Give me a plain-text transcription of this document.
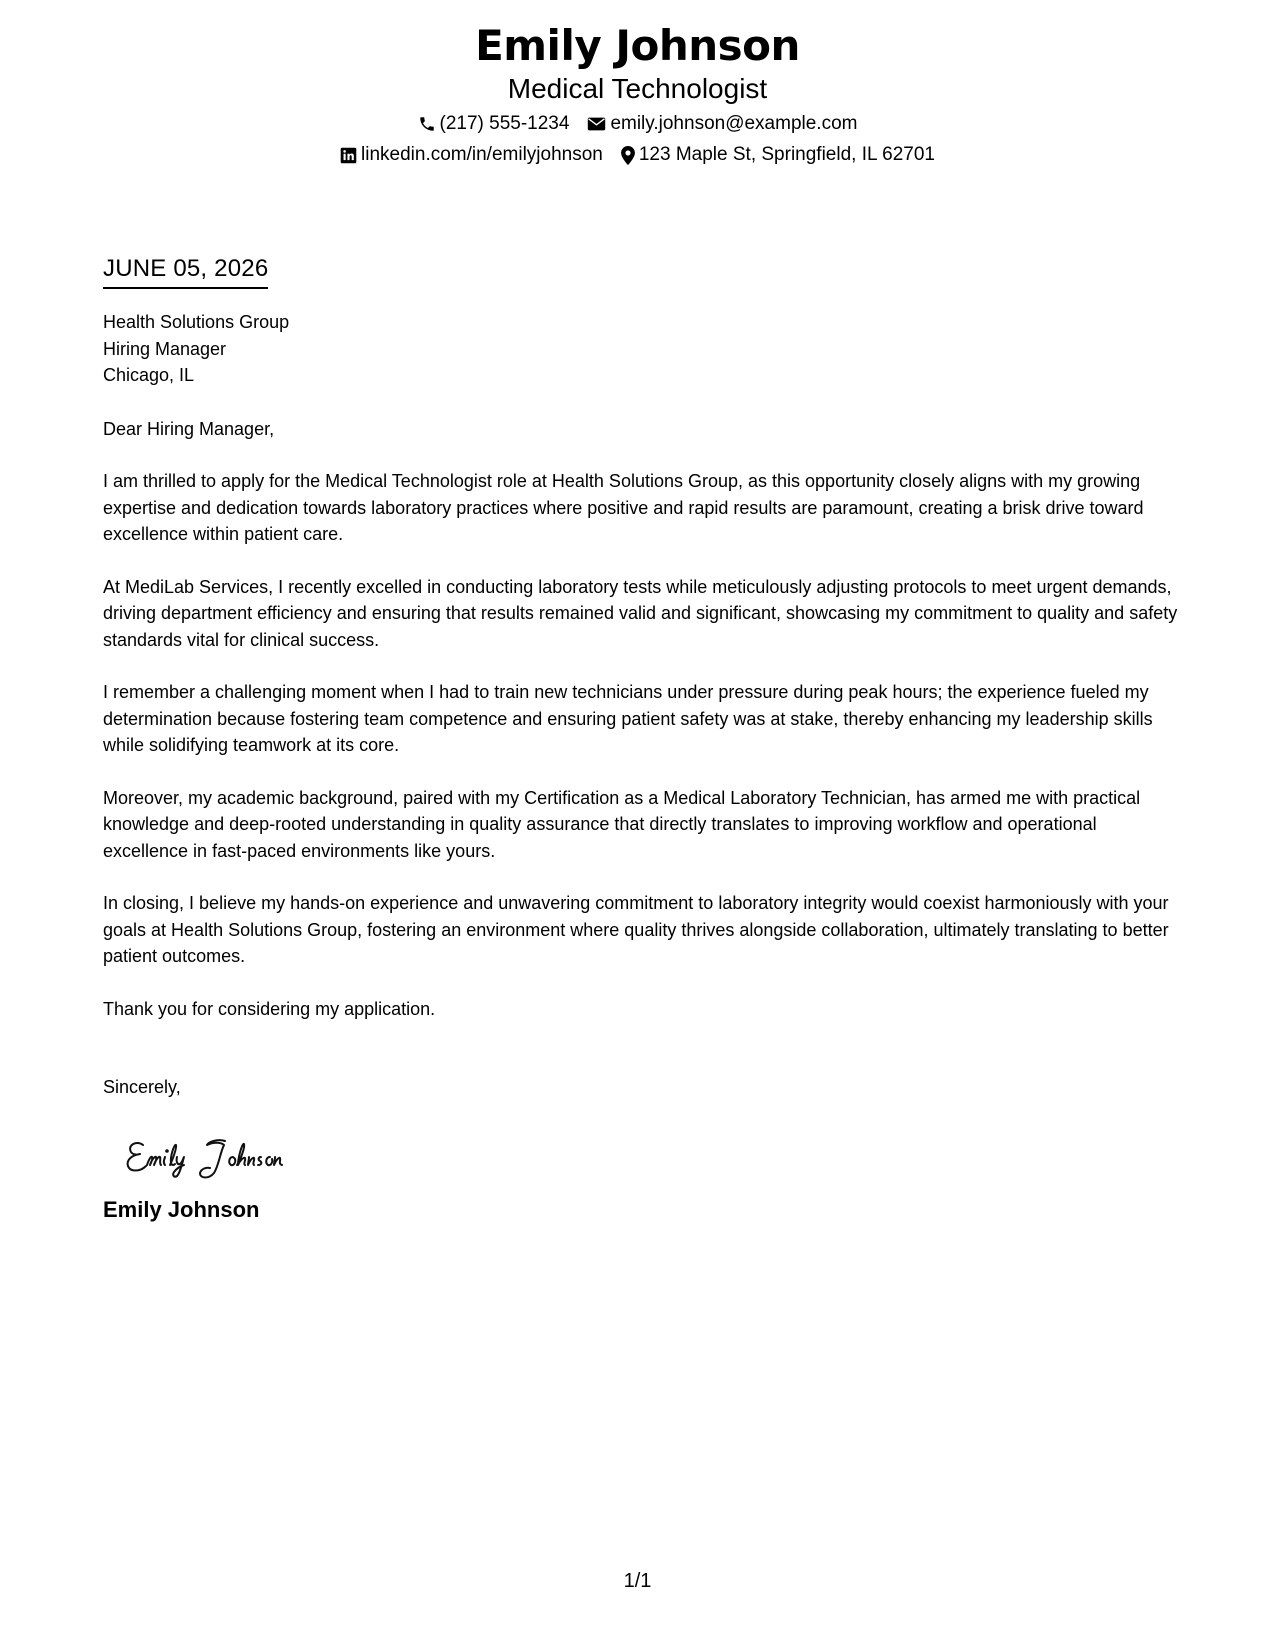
Emily Johnson
Medical Technologist
(217) 555-1234 emily.johnson@example.com
linkedin.com/in/emilyjohnson 123 Maple St, Springfield, IL 62701
JUNE 05, 2026
Health Solutions Group
Hiring Manager
Chicago, IL
Dear Hiring Manager,
I am thrilled to apply for the Medical Technologist role at Health Solutions Group, as this opportunity closely aligns with my growing expertise and dedication towards laboratory practices where positive and rapid results are paramount, creating a brisk drive toward excellence within patient care.
At MediLab Services, I recently excelled in conducting laboratory tests while meticulously adjusting protocols to meet urgent demands, driving department efficiency and ensuring that results remained valid and significant, showcasing my commitment to quality and safety standards vital for clinical success.
I remember a challenging moment when I had to train new technicians under pressure during peak hours; the experience fueled my determination because fostering team competence and ensuring patient safety was at stake, thereby enhancing my leadership skills while solidifying teamwork at its core.
Moreover, my academic background, paired with my Certification as a Medical Laboratory Technician, has armed me with practical knowledge and deep-rooted understanding in quality assurance that directly translates to improving workflow and operational excellence in fast-paced environments like yours.
In closing, I believe my hands-on experience and unwavering commitment to laboratory integrity would coexist harmoniously with your goals at Health Solutions Group, fostering an environment where quality thrives alongside collaboration, ultimately translating to better patient outcomes.
Thank you for considering my application.
Sincerely,
Emily Johnson
1/1
